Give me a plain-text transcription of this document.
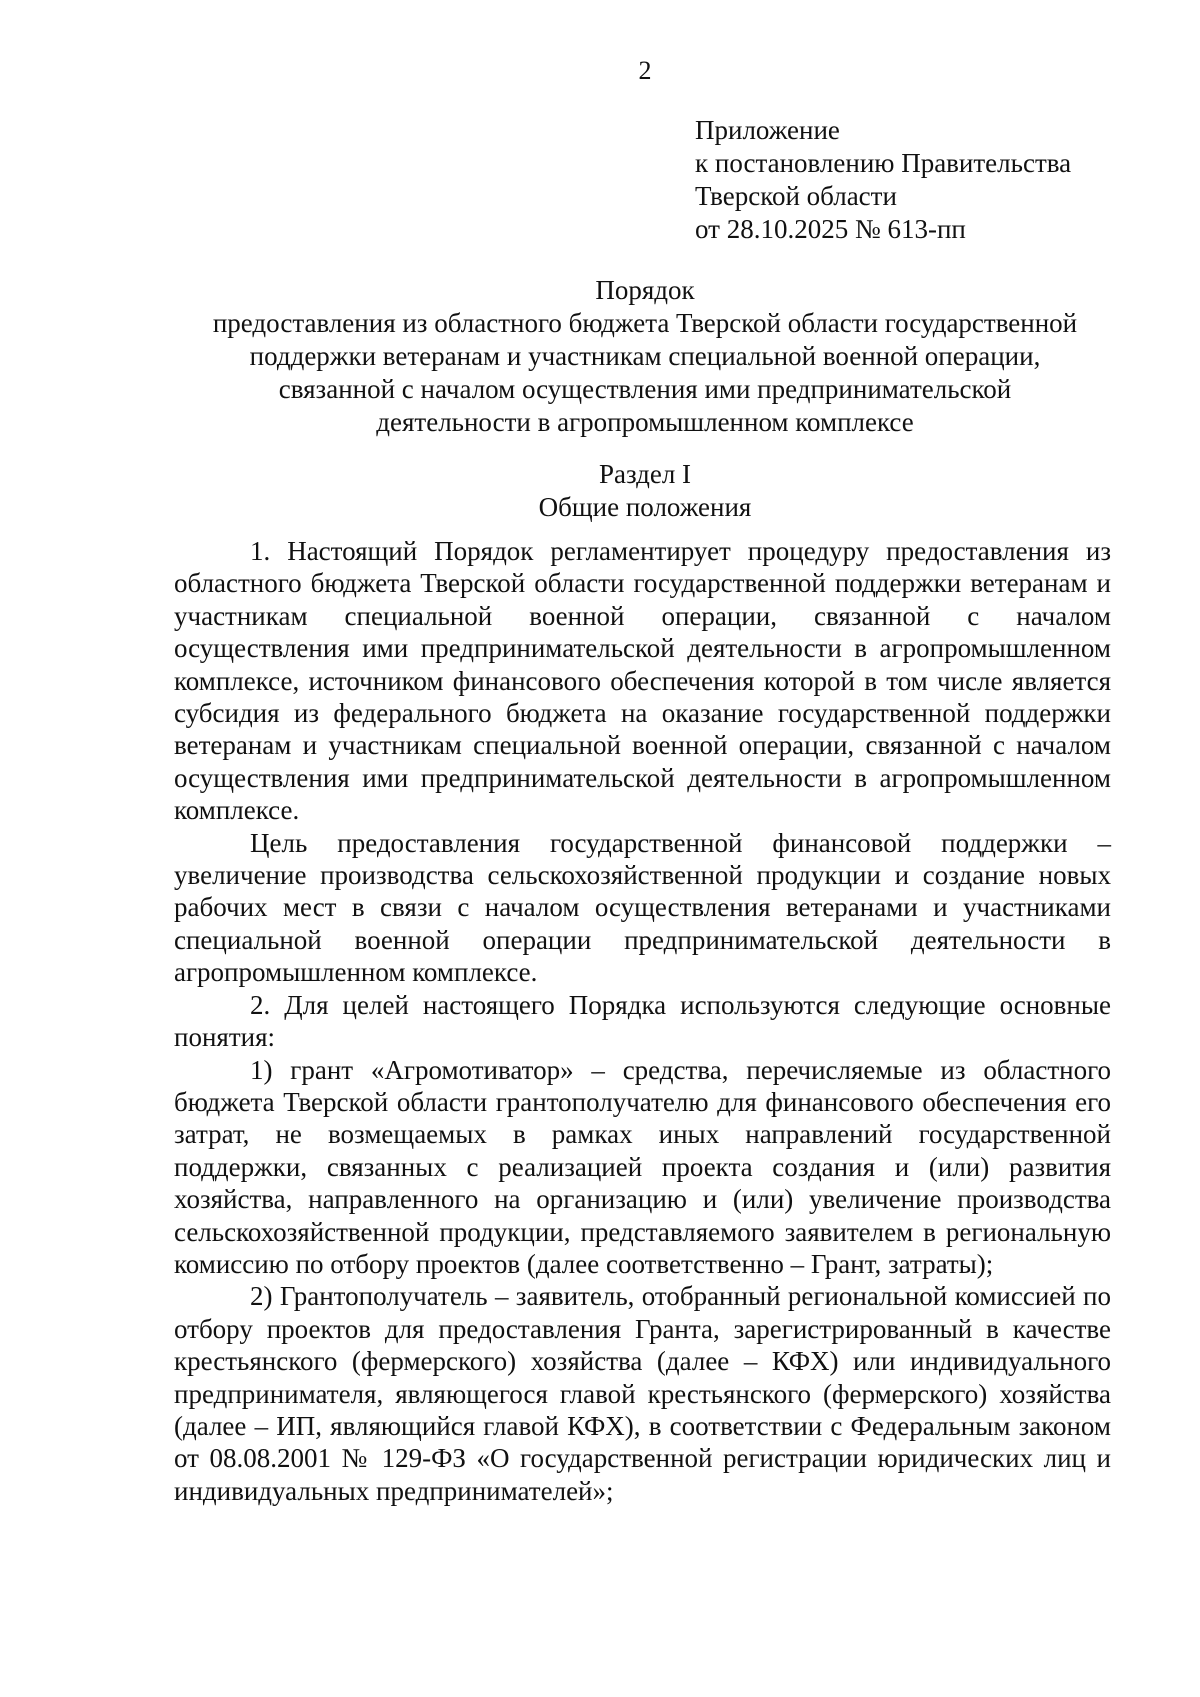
2
Приложение
к постановлению Правительства
Тверской области
от 28.10.2025 № 613-пп
Порядок
предоставления из областного бюджета Тверской области государственной
поддержки ветеранам и участникам специальной военной операции,
связанной с началом осуществления ими предпринимательской
деятельности в агропромышленном комплексе
Раздел I
Общие положения

1. Настоящий Порядок регламентирует процедуру предоставления из областного бюджета Тверской области государственной поддержки ветеранам и участникам специальной военной операции, связанной с началом осуществления ими предпринимательской деятельности в агропромышленном комплексе, источником финансового обеспечения которой в том числе является субсидия из федерального бюджета на оказание государственной поддержки ветеранам и участникам специальной военной операции, связанной с началом осуществления ими предпринимательской деятельности в агропромышленном комплексе.

Цель предоставления государственной финансовой поддержки – увеличение производства сельскохозяйственной продукции и создание новых рабочих мест в связи с началом осуществления ветеранами и участниками специальной военной операции предпринимательской деятельности в агропромышленном комплексе.

2. Для целей настоящего Порядка используются следующие основные понятия:

1) грант «Агромотиватор» – средства, перечисляемые из областного бюджета Тверской области грантополучателю для финансового обеспечения его затрат, не возмещаемых в рамках иных направлений государственной поддержки, связанных с реализацией проекта создания и (или) развития хозяйства, направленного на организацию и (или) увеличение производства сельскохозяйственной продукции, представляемого заявителем в региональную комиссию по отбору проектов (далее соответственно – Грант, затраты);

2) Грантополучатель – заявитель, отобранный региональной комиссией по отбору проектов для предоставления Гранта, зарегистрированный в качестве крестьянского (фермерского) хозяйства (далее – КФХ) или индивидуального предпринимателя, являющегося главой крестьянского (фермерского) хозяйства (далее – ИП, являющийся главой КФХ), в соответствии с Федеральным законом от 08.08.2001 № 129-ФЗ «О государственной регистрации юридических лиц и индивидуальных предпринимателей»;
